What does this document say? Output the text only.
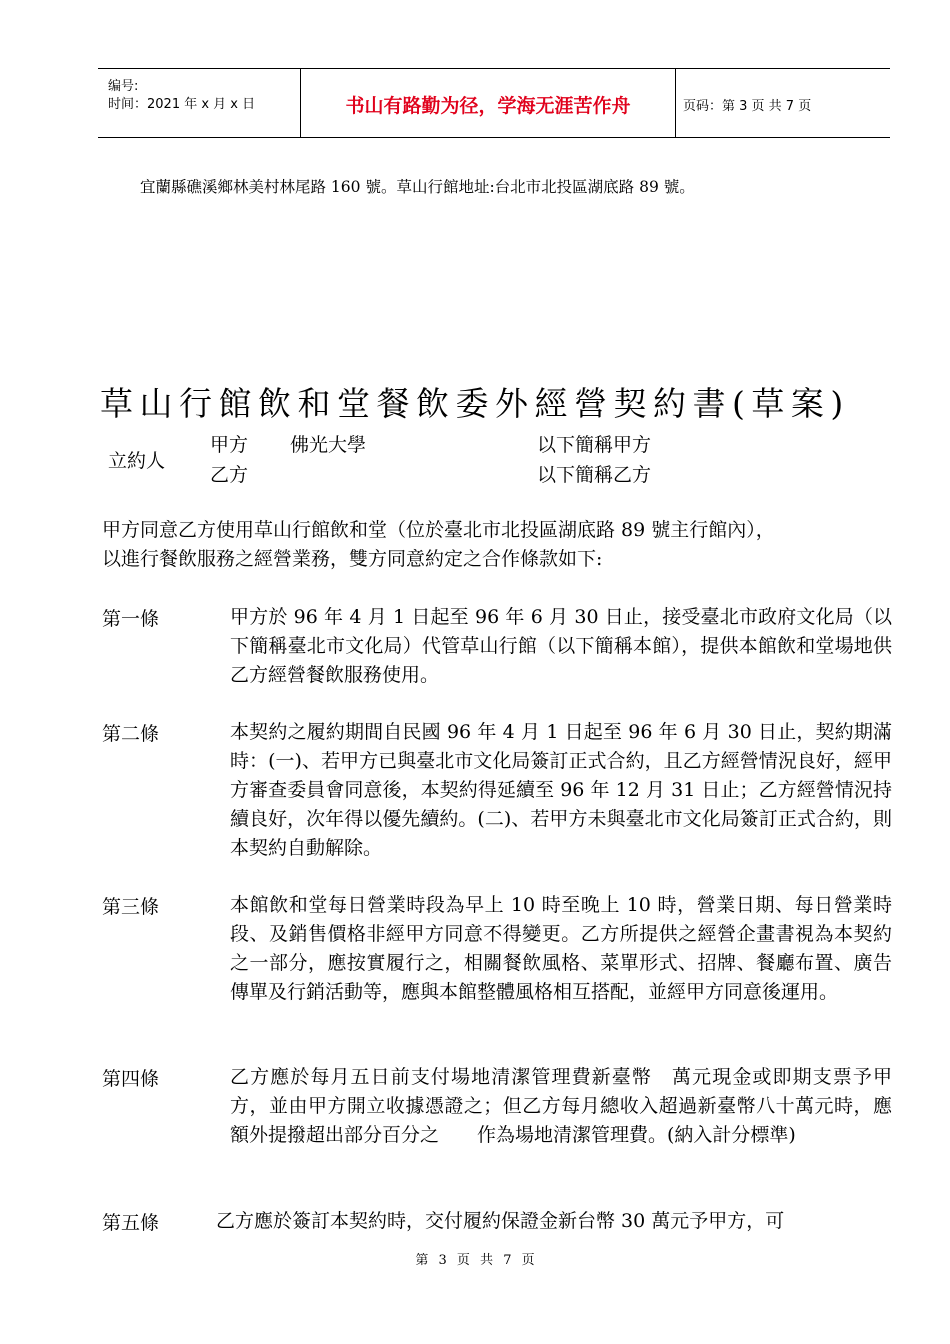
编号:
时间：2021 年 x 月 x 日	书山有路勤为径，学海无涯苦作舟	页码：第 3 页 共 7 页
宜蘭縣礁溪鄉林美村林尾路 160 號。草山行館地址:台北市北投區湖底路 89 號。
草山行館飲和堂餐飲委外經營契約書(草案)
立約人
甲方 佛光大學	以下簡稱甲方
乙方	以下簡稱乙方
甲方同意乙方使用草山行館飲和堂（位於臺北市北投區湖底路 89 號主行館內），
以進行餐飲服務之經營業務，雙方同意約定之合作條款如下:
第一條	甲方於 96 年 4 月 1 日起至 96 年 6 月 30 日止，接受臺北市政府文化局（以下簡稱臺北市文化局）代管草山行館（以下簡稱本館），提供本館飲和堂場地供乙方經營餐飲服務使用。
第二條	本契約之履約期間自民國 96 年 4 月 1 日起至 96 年 6 月 30 日止，契約期滿時：(一)、若甲方已與臺北市文化局簽訂正式合約，且乙方經營情況良好，經甲方審查委員會同意後，本契約得延續至 96 年 12 月 31 日止；乙方經營情況持續良好，次年得以優先續約。(二)、若甲方未與臺北市文化局簽訂正式合約，則本契約自動解除。
第三條	本館飲和堂每日營業時段為早上 10 時至晚上 10 時，營業日期、每日營業時段、及銷售價格非經甲方同意不得變更。乙方所提供之經營企畫書視為本契約之一部分，應按實履行之，相關餐飲風格、菜單形式、招牌、餐廳布置、廣告傳單及行銷活動等，應與本館整體風格相互搭配，並經甲方同意後運用。
第四條	乙方應於每月五日前支付場地清潔管理費新臺幣　萬元現金或即期支票予甲方，並由甲方開立收據憑證之；但乙方每月總收入超過新臺幣八十萬元時，應額外提撥超出部分百分之　　作為場地清潔管理費。(納入計分標準)
第五條	乙方應於簽訂本契約時，交付履約保證金新台幣 30 萬元予甲方，可
第 3 页 共 7 页
